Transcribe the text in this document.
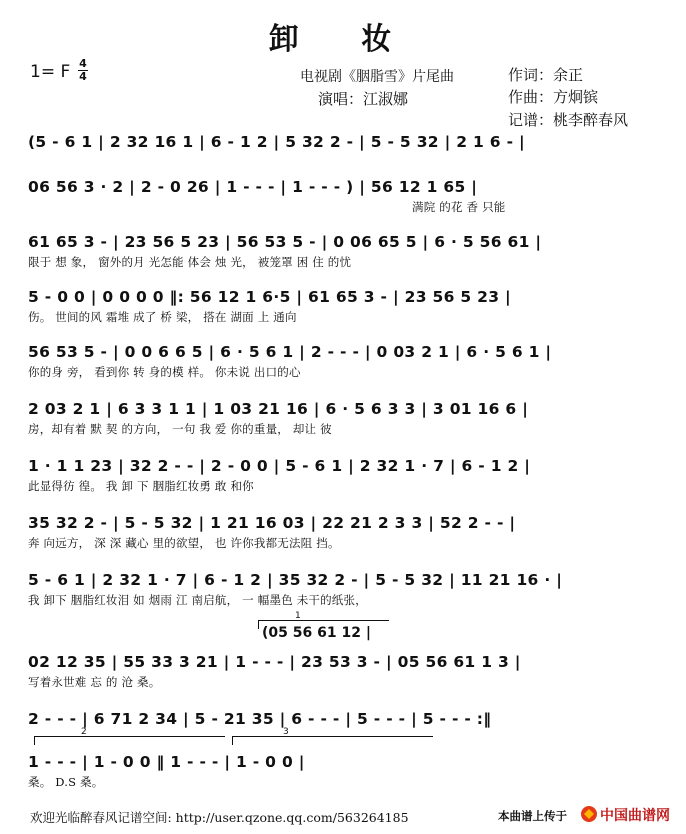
卸 妆
1= F 4
4	电视剧《胭脂雪》片尾曲
演唱：江淑娜
作词：余正
作曲：方炯镔
记谱：桃李醉春风
(5 - 6 1 | 2 32 16 1 | 6 - 1 2 | 5 32 2 - | 5 - 5 32 | 2 1 6 - |
06 56 3 · 2 | 2 - 0 26 | 1 - - - | 1 - - - ) | 56 12 1 65 |
满院 的花 香 只能
61 65 3 - | 23 56 5 23 | 56 53 5 - | 0 06 65 5 | 6 · 5 56 61 |
限于 想 象， 窗外的月 光怎能 体会 烛 光， 被笼罩 困 住 的忧
5 - 0 0 | 0 0 0 0 ‖: 56 12 1 6·5 | 61 65 3 - | 23 56 5 23 |
伤。 世间的风 霜堆 成了 桥 梁， 搭在 湖面 上 通向
56 53 5 - | 0 0 6 6 5 | 6 · 5 6 1 | 2 - - - | 0 03 2 1 | 6 · 5 6 1 |
你的身 旁， 看到你 转 身的模 样。 你未说 出口的心
2 03 2 1 | 6 3 3 1 1 | 1 03 21 16 | 6 · 5 6 3 3 | 3 01 16 6 |
房，却有着 默 契 的方向， 一句 我 爱 你的重量， 却让 彼
1 · 1 1 23 | 32 2 - - | 2 - 0 0 | 5 - 6 1 | 2 32 1 · 7 | 6 - 1 2 |
此显得彷 徨。 我 卸 下 胭脂红妆勇 敢 和你
35 32 2 - | 5 - 5 32 | 1 21 16 03 | 22 21 2 3 3 | 52 2 - - |
奔 向远方， 深 深 藏心 里的欲望， 也 许你我都无法阻 挡。
5 - 6 1 | 2 32 1 · 7 | 6 - 1 2 | 35 32 2 - | 5 - 5 32 | 11 21 16 · |
我 卸下 胭脂红妆泪 如 烟雨 江 南启航， 一 幅墨色 未干的纸张，
1
(05 56 61 12 |
02 12 35 | 55 33 3 21 | 1 - - - | 23 53 3 - | 05 56 61 1 3 |
写着永世难 忘 的 沧 桑。
2 - - - | 6 71 2 34 | 5 - 21 35 | 6 - - - | 5 - - - | 5 - - - :‖
2	3
1 - - - | 1 - 0 0 ‖ 1 - - - | 1 - 0 0 |
桑。 D.S 桑。
欢迎光临醉春风记谱空间: http://user.qzone.qq.com/563264185	本曲谱上传于 中国曲谱网
